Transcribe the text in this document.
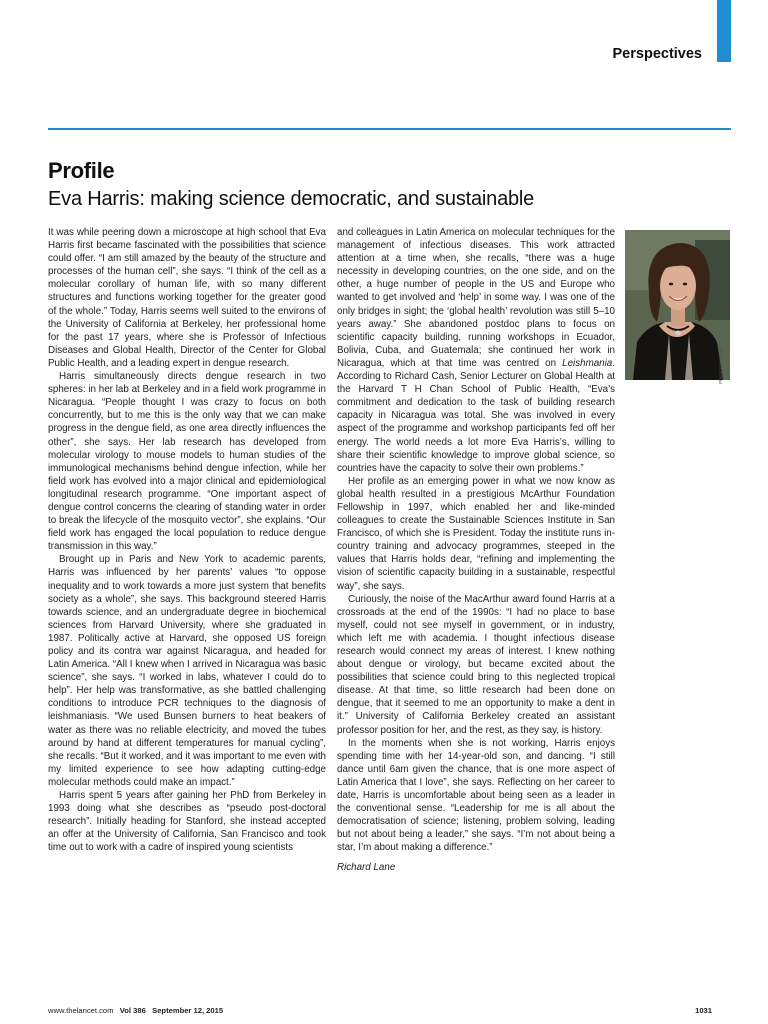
Perspectives
Profile
Eva Harris: making science democratic, and sustainable

It was while peering down a microscope at high school that Eva Harris first became fascinated with the possibilities that science could offer. “I am still amazed by the beauty of the structure and processes of the human cell”, she says. “I think of the cell as a molecular corollary of human life, with so many different structures and functions working together for the greater good of the whole.” Today, Harris seems well suited to the environs of the University of California at Berkeley, her professional home for the past 17 years, where she is Professor of Infectious Diseases and Global Health, Director of the Center for Global Public Health, and a leading expert in dengue research.

Harris simultaneously directs dengue research in two spheres: in her lab at Berkeley and in a field work programme in Nicaragua. “People thought I was crazy to focus on both concurrently, but to me this is the only way that we can make progress in the dengue field, as one area directly influences the other”, she says. Her lab research has developed from molecular virology to mouse models to human studies of the immunological mechanisms behind dengue infection, while her field work has evolved into a major clinical and epidemiological longitudinal research programme. “One important aspect of dengue control concerns the clearing of standing water in order to break the lifecycle of the mosquito vector”, she explains. “Our field work has engaged the local population to reduce dengue transmission in this way.”

Brought up in Paris and New York to academic parents, Harris was influenced by her parents’ values “to oppose inequality and to work towards a more just system that benefits society as a whole”, she says. This background steered Harris towards science, and an undergraduate degree in biochemical sciences from Harvard University, where she graduated in 1987. Politically active at Harvard, she opposed US foreign policy and its contra war against Nicaragua, and headed for Latin America. “All I knew when I arrived in Nicaragua was basic science”, she says. “I worked in labs, whatever I could do to help”. Her help was transformative, as she battled challenging conditions to introduce PCR techniques to the diagnosis of leishmaniasis. “We used Bunsen burners to heat beakers of water as there was no reliable electricity, and moved the tubes around by hand at different temperatures for manual cycling”, she recalls. “But it worked, and it was important to me even with my limited experience to see how adapting cutting-edge molecular methods could make an impact.”

Harris spent 5 years after gaining her PhD from Berkeley in 1993 doing what she describes as “pseudo post-doctoral research”. Initially heading for Stanford, she instead accepted an offer at the University of California, San Francisco and took time out to work with a cadre of inspired young scientists

and colleagues in Latin America on molecular techniques for the management of infectious diseases. This work attracted attention at a time when, she recalls, “there was a huge necessity in developing countries, on the one side, and on the other, a huge number of people in the US and Europe who wanted to get involved and ‘help’ in some way. I was one of the only bridges in sight; the ‘global health’ revolution was still 5–10 years away.” She abandoned postdoc plans to focus on scientific capacity building, running workshops in Ecuador, Bolivia, Cuba, and Guatemala; she continued her work in Nicaragua, which at that time was centred on Leishmania. According to Richard Cash, Senior Lecturer on Global Health at the Harvard T H Chan School of Public Health, “Eva’s commitment and dedication to the task of building research capacity in Nicaragua was total. She was involved in every aspect of the programme and workshop participants fed off her energy. The world needs a lot more Eva Harris’s, willing to share their scientific knowledge to improve global science, so countries have the capacity to solve their own problems.”

Her profile as an emerging power in what we now know as global health resulted in a prestigious McArthur Foundation Fellowship in 1997, which enabled her and like-minded colleagues to create the Sustainable Sciences Institute in San Francisco, of which she is President. Today the institute runs in-country training and advocacy programmes, steeped in the values that Harris holds dear, “refining and implementing the vision of scientific capacity building in a sustainable, respectful way”, she says.

Curiously, the noise of the MacArthur award found Harris at a crossroads at the end of the 1990s: “I had no place to base myself, could not see myself in government, or in industry, which left me with academia. I thought infectious disease research would connect my areas of interest. I knew nothing about dengue or virology, but became excited about the possibilities that science could bring to this neglected tropical disease. At that time, so little research had been done on dengue, that it seemed to me an opportunity to make a dent in it.” University of California Berkeley created an assistant professor position for her, and the rest, as they say, is history.

In the moments when she is not working, Harris enjoys spending time with her 14-year-old son, and dancing. “I still dance until 6am given the chance, that is one more aspect of Latin America that I love”, she says. Reflecting on her career to date, Harris is uncomfortable about being seen as a leader in the conventional sense. “Leadership for me is all about the democratisation of science; listening, problem solving, leading but not about being a leader,” she says. “I’m not about being a star, I’m about making a difference.”

Richard Lane

Photo/Jorge Amat
www.thelancet.com Vol 386 September 12, 2015	1031
